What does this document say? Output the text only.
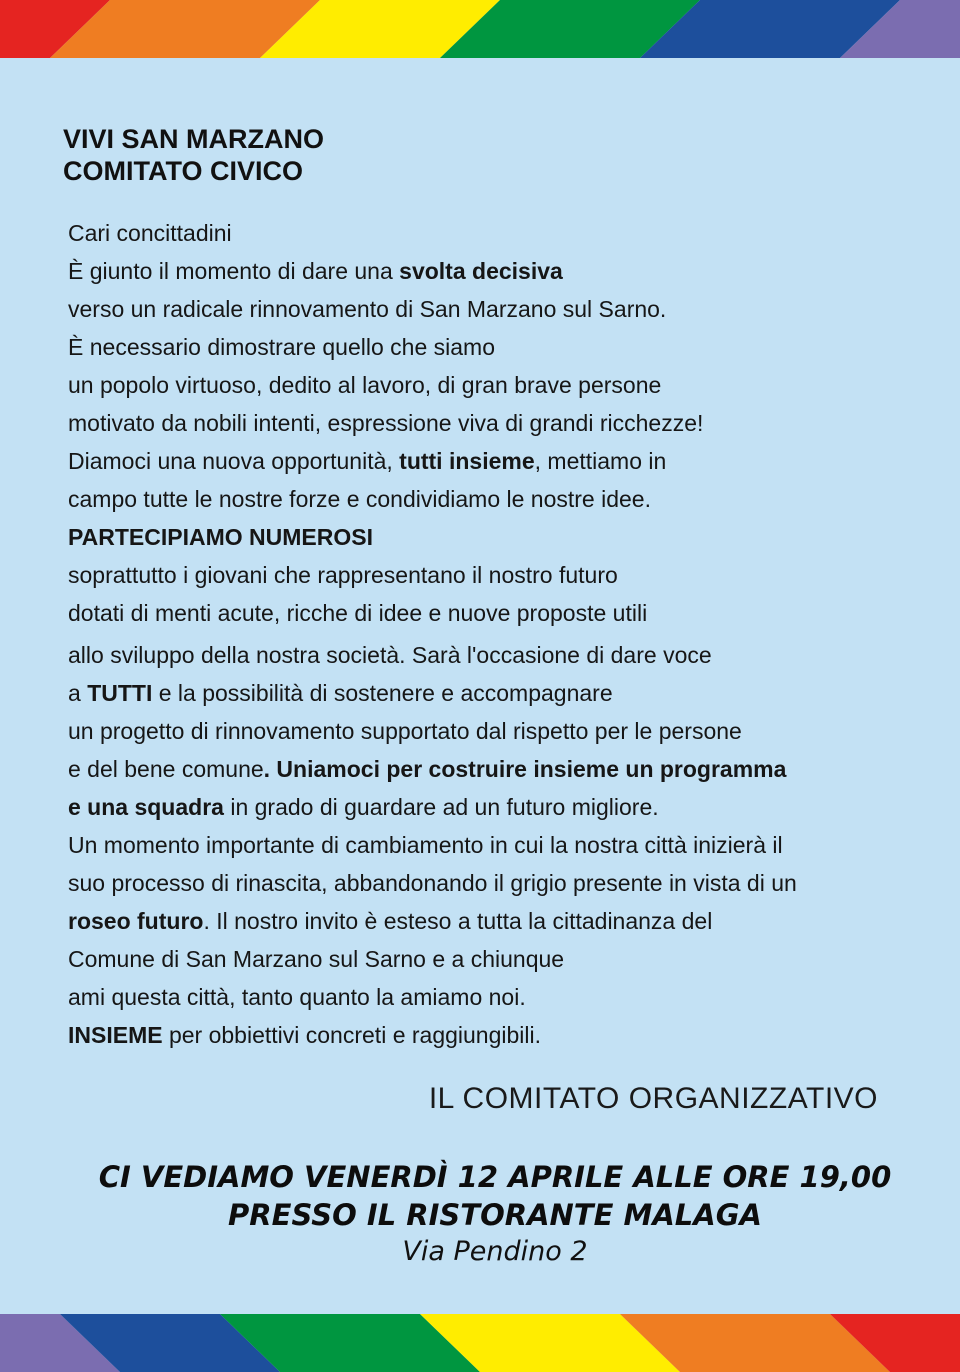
VIVI SAN MARZANO
COMITATO CIVICO
Cari concittadini
È giunto il momento di dare una svolta decisiva
verso un radicale rinnovamento di San Marzano sul Sarno.
È necessario dimostrare quello che siamo
un popolo virtuoso, dedito al lavoro, di gran brave persone
motivato da nobili intenti, espressione viva di grandi ricchezze!
Diamoci una nuova opportunità, tutti insieme, mettiamo in
campo tutte le nostre forze e condividiamo le nostre idee.
PARTECIPIAMO NUMEROSI
soprattutto i giovani che rappresentano il nostro futuro
dotati di menti acute, ricche di idee e nuove proposte utili
allo sviluppo della nostra società. Sarà l'occasione di dare voce
a TUTTI e la possibilità di sostenere e accompagnare
un progetto di rinnovamento supportato dal rispetto per le persone
e del bene comune. Uniamoci per costruire insieme un programma
e una squadra in grado di guardare ad un futuro migliore.
Un momento importante di cambiamento in cui la nostra città inizierà il
suo processo di rinascita, abbandonando il grigio presente in vista di un
roseo futuro. Il nostro invito è esteso a tutta la cittadinanza del
Comune di San Marzano sul Sarno e a chiunque
ami questa città, tanto quanto la amiamo noi.
INSIEME per obbiettivi concreti e raggiungibili.
IL COMITATO ORGANIZZATIVO
CI VEDIAMO VENERDÌ 12 APRILE ALLE ORE 19,00
PRESSO IL RISTORANTE MALAGA
Via Pendino 2
